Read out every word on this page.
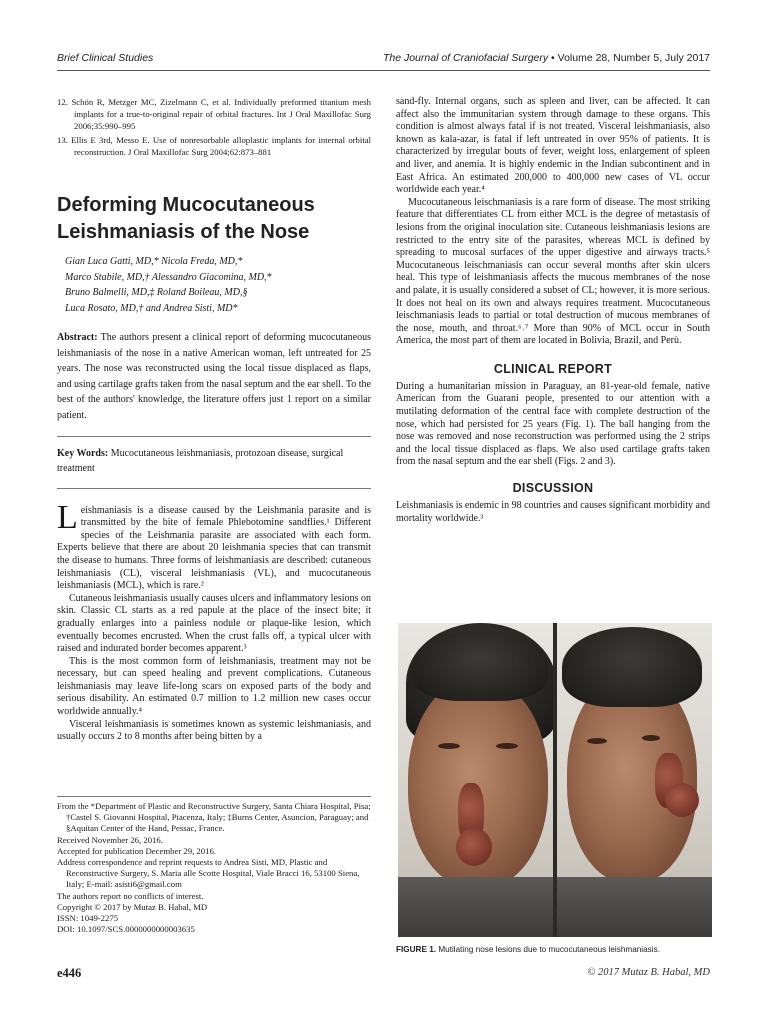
Brief Clinical Studies	The Journal of Craniofacial Surgery • Volume 28, Number 5, July 2017

12. Schön R, Metzger MC, Zizelmann C, et al. Individually preformed titanium mesh implants for a true-to-original repair of orbital fractures. Int J Oral Maxillofac Surg 2006;35:990–995

13. Ellis E 3rd, Messo E. Use of nonresorbable alloplastic implants for internal orbital reconstruction. J Oral Maxillofac Surg 2004;62:873–881

Deforming Mucocutaneous
Leishmaniasis of the Nose
Gian Luca Gatti, MD,* Nicola Freda, MD,*
Marco Stabile, MD,† Alessandro Giacomina, MD,*
Bruno Balmelli, MD,‡ Roland Boileau, MD,§
Luca Rosato, MD,† and Andrea Sisti, MD*

Abstract: The authors present a clinical report of deforming mucocutaneous leishmaniasis of the nose in a native American woman, left untreated for 25 years. The nose was reconstructed using the local tissue displaced as flaps, and using cartilage grafts taken from the nasal septum and the ear shell. To the best of the authors' knowledge, the literature offers just 1 report on a similar patient.

Key Words: Mucocutaneous leishmaniasis, protozoan disease, surgical treatment

Leishmaniasis is a disease caused by the Leishmania parasite and is transmitted by the bite of female Phlebotomine sandflies.¹ Different species of the Leishmania parasite are associated with each form. Experts believe that there are about 20 leishmania species that can transmit the disease to humans. Three forms of leishmaniasis are described: cutaneous leishmaniasis (CL), visceral leishmaniasis (VL), and mucocutaneous leishmaniasis (MCL), which is rare.²

Cutaneous leishmaniasis usually causes ulcers and inflammatory lesions on skin. Classic CL starts as a red papule at the place of the insect bite; it gradually enlarges into a painless nodule or plaque-like lesion, which eventually becomes encrusted. When the crust falls off, a typical ulcer with raised and indurated border becomes apparent.³

This is the most common form of leishmaniasis, treatment may not be necessary, but can speed healing and prevent complications. Cutaneous leishmaniasis may leave life-long scars on exposed parts of the body and serious disability. An estimated 0.7 million to 1.2 million new cases occur worldwide annually.⁴

Visceral leishmaniasis is sometimes known as systemic leishmaniasis, and usually occurs 2 to 8 months after being bitten by a

From the *Department of Plastic and Reconstructive Surgery, Santa Chiara Hospital, Pisa; †Castel S. Giovanni Hospital, Piacenza, Italy; ‡Burns Center, Asuncion, Paraguay; and §Aquitan Center of the Hand, Pessac, France.

Received November 26, 2016.

Accepted for publication December 29, 2016.

Address correspondence and reprint requests to Andrea Sisti, MD, Plastic and Reconstructive Surgery, S. Maria alle Scotte Hospital, Viale Bracci 16, 53100 Siena, Italy; E-mail: asisti6@gmail.com

The authors report no conflicts of interest.

Copyright © 2017 by Mutaz B. Habal, MD

ISSN: 1049-2275

DOI: 10.1097/SCS.0000000000003635

sand-fly. Internal organs, such as spleen and liver, can be affected. It can affect also the immunitarian system through damage to these organs. This condition is almost always fatal if is not treated. Visceral leishmaniasis, also known as kala-azar, is fatal if left untreated in over 95% of patients. It is characterized by irregular bouts of fever, weight loss, enlargement of spleen and liver, and anemia. It is highly endemic in the Indian subcontinent and in East Africa. An estimated 200,000 to 400,000 new cases of VL occur worldwide each year.⁴

Mucocutaneous leischmaniasis is a rare form of disease. The most striking feature that differentiates CL from either MCL is the degree of metastasis of lesions from the original inoculation site. Cutaneous leishmaniasis lesions are restricted to the entry site of the parasites, whereas MCL is defined by spreading to mucosal surfaces of the upper digestive and airways tracts.⁵ Mucocutaneous leischmaniasis can occur several months after skin ulcers heal. This type of leishmaniasis affects the mucous membranes of the nose and palate, it is usually considered a subset of CL; however, it is more serious. It does not heal on its own and always requires treatment. Mucocutaneous leischmaniasis leads to partial or total destruction of mucous membranes of the nose, mouth, and throat.⁶˒⁷ More than 90% of MCL occur in South America, the most part of them are located in Bolivia, Brazil, and Perù.

CLINICAL REPORT

During a humanitarian mission in Paraguay, an 81-year-old female, native American from the Guarani people, presented to our attention with a mutilating deformation of the central face with complete destruction of the nose, which had persisted for 25 years (Fig. 1). The ball hanging from the nose was removed and nose reconstruction was performed using the 2 strips and the local tissue displaced as flaps. We also used cartilage grafts taken from the nasal septum and the ear shell (Figs. 2 and 3).

DISCUSSION

Leishmaniasis is endemic in 98 countries and causes significant morbidity and mortality worldwide.³

FIGURE 1. Mutilating nose lesions due to mucocutaneous leishmaniasis.
e446	© 2017 Mutaz B. Habal, MD
